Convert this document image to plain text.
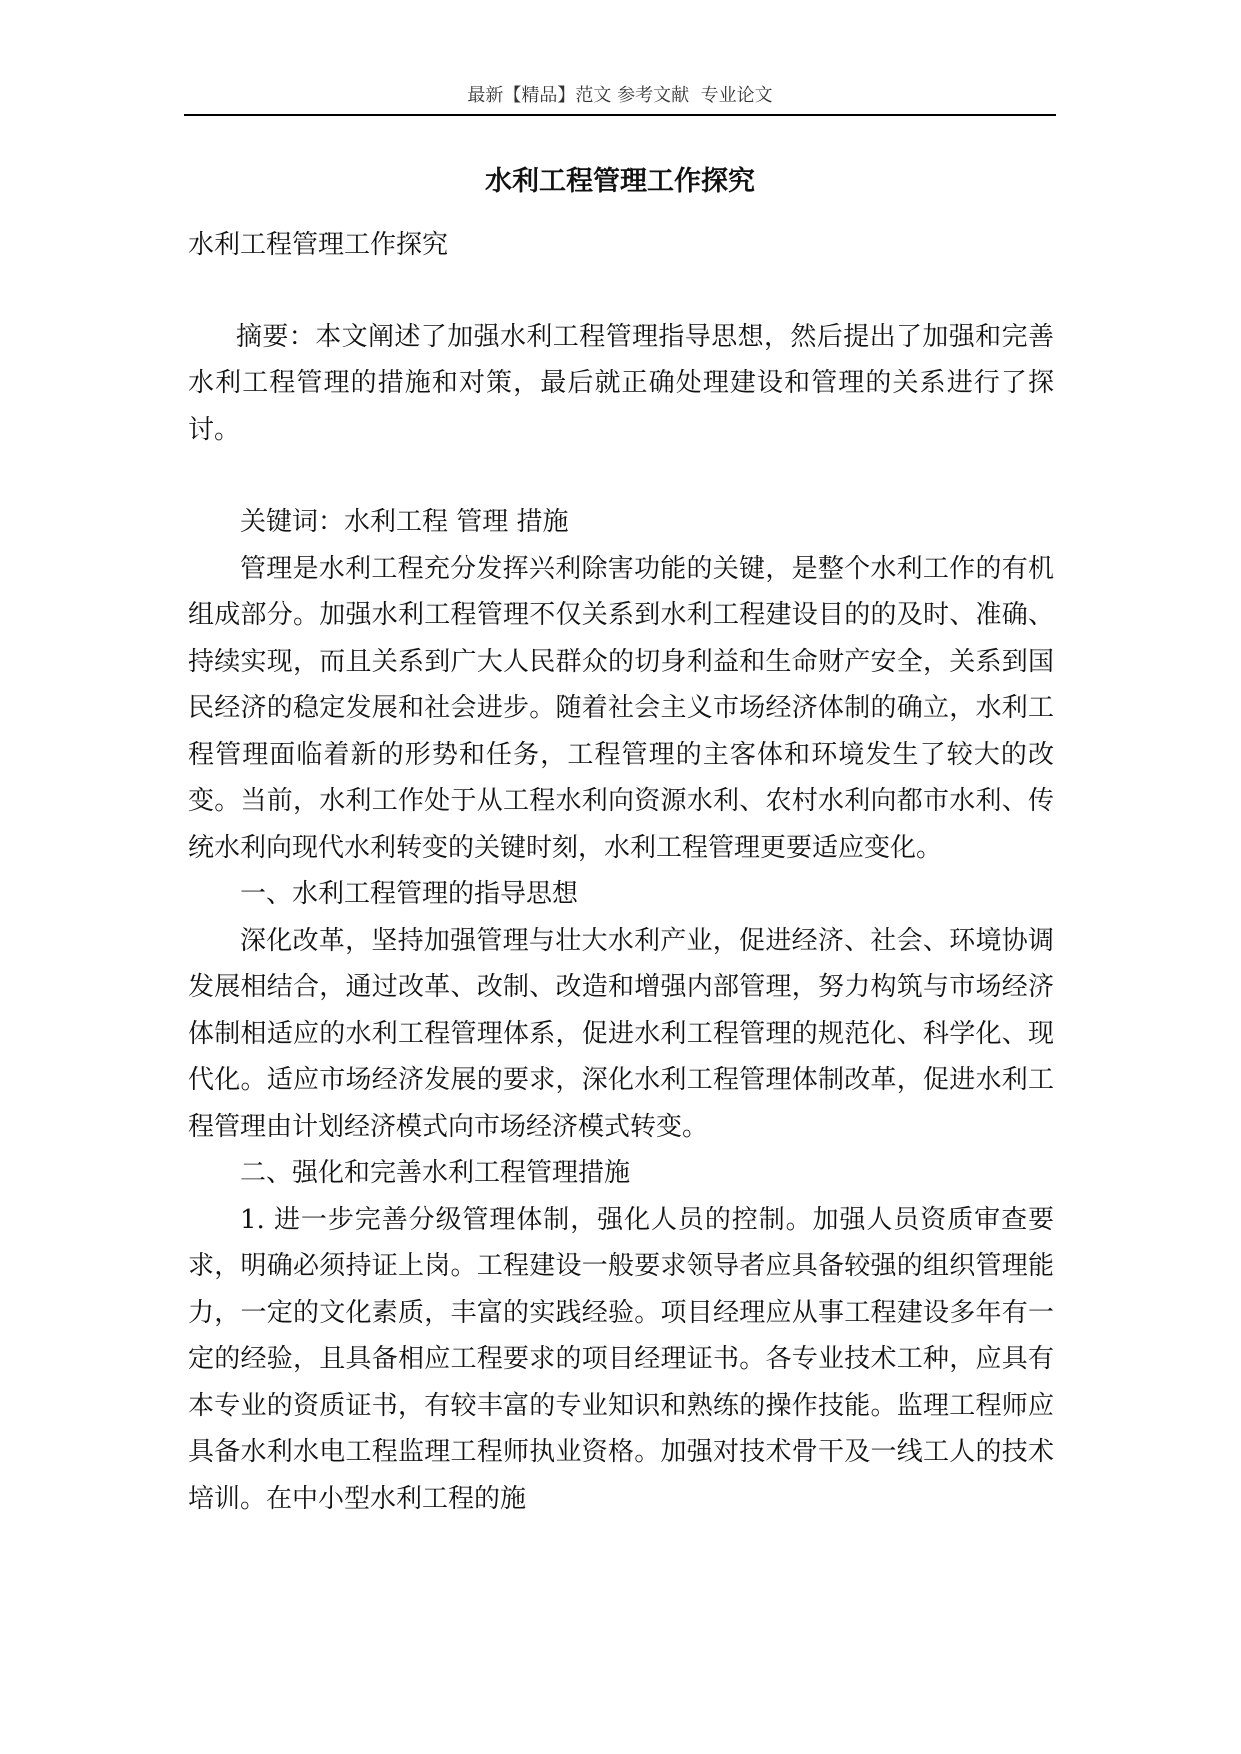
最新【精品】范文 参考文献  专业论文
水利工程管理工作探究

水利工程管理工作探究

摘要：本文阐述了加强水利工程管理指导思想，然后提出了加强和完善水利工程管理的措施和对策，最后就正确处理建设和管理的关系进行了探讨。

关键词：水利工程 管理 措施

管理是水利工程充分发挥兴利除害功能的关键，是整个水利工作的有机组成部分。加强水利工程管理不仅关系到水利工程建设目的的及时、准确、持续实现，而且关系到广大人民群众的切身利益和生命财产安全，关系到国民经济的稳定发展和社会进步。随着社会主义市场经济体制的确立，水利工程管理面临着新的形势和任务，工程管理的主客体和环境发生了较大的改变。当前，水利工作处于从工程水利向资源水利、农村水利向都市水利、传统水利向现代水利转变的关键时刻，水利工程管理更要适应变化。

一、水利工程管理的指导思想

深化改革，坚持加强管理与壮大水利产业，促进经济、社会、环境协调发展相结合，通过改革、改制、改造和增强内部管理，努力构筑与市场经济体制相适应的水利工程管理体系，促进水利工程管理的规范化、科学化、现代化。适应市场经济发展的要求，深化水利工程管理体制改革，促进水利工程管理由计划经济模式向市场经济模式转变。

二、强化和完善水利工程管理措施

1. 进一步完善分级管理体制，强化人员的控制。加强人员资质审查要求，明确必须持证上岗。工程建设一般要求领导者应具备较强的组织管理能力，一定的文化素质，丰富的实践经验。项目经理应从事工程建设多年有一定的经验，且具备相应工程要求的项目经理证书。各专业技术工种，应具有本专业的资质证书，有较丰富的专业知识和熟练的操作技能。监理工程师应具备水利水电工程监理工程师执业资格。加强对技术骨干及一线工人的技术培训。在中小型水利工程的施
